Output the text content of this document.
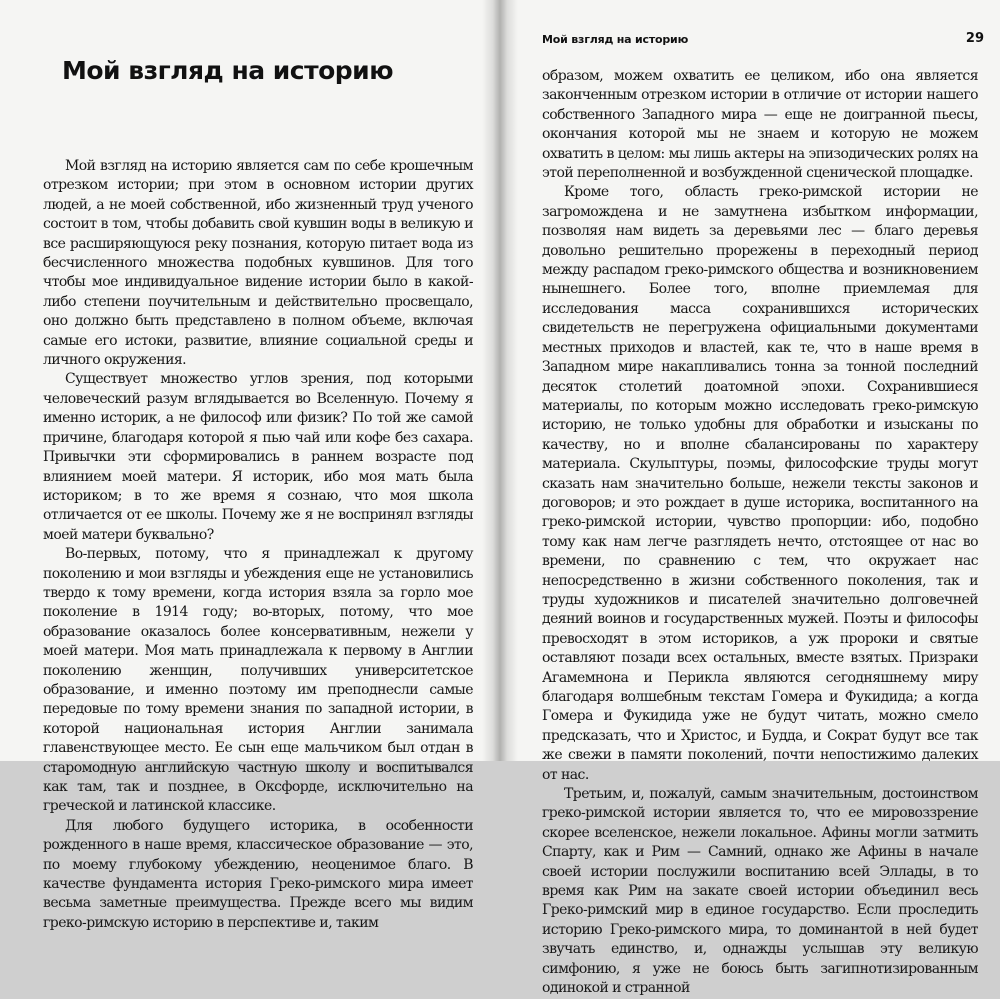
Мой взгляд на историю

Мой взгляд на историю является сам по себе крошечным отрезком истории; при этом в основном истории других людей, а не моей собственной, ибо жизненный труд ученого состоит в том, чтобы добавить свой кувшин воды в великую и все расширяющуюся реку познания, которую питает вода из бесчисленного множества подобных кувшинов. Для того чтобы мое индивидуальное видение истории было в какой-либо степени поучительным и действительно просвещало, оно должно быть представлено в полном объеме, включая самые его истоки, развитие, влияние социальной среды и личного окружения.

Существует множество углов зрения, под которыми человеческий разум вглядывается во Вселенную. Почему я именно историк, а не философ или физик? По той же самой причине, благодаря которой я пью чай или кофе без сахара. Привычки эти сформировались в раннем возрасте под влиянием моей матери. Я историк, ибо моя мать была историком; в то же время я сознаю, что моя школа отличается от ее школы. Почему же я не воспринял взгляды моей матери буквально?

Во-первых, потому, что я принадлежал к другому поколению и мои взгляды и убеждения еще не установились твердо к тому времени, когда история взяла за горло мое поколение в 1914 году; во-вторых, потому, что мое образование оказалось более консервативным, нежели у моей матери. Моя мать принадлежала к первому в Англии поколению женщин, получивших университетское образование, и именно поэтому им преподнесли самые передовые по тому времени знания по западной истории, в которой национальная история Англии занимала главенствующее место. Ее сын еще мальчиком был отдан в старомодную английскую частную школу и воспитывался как там, так и позднее, в Оксфорде, исключительно на греческой и латинской классике.

Для любого будущего историка, в особенности рожденного в наше время, классическое образование — это, по моему глубокому убеждению, неоценимое благо. В качестве фундамента история Греко-римского мира имеет весьма заметные преимущества. Прежде всего мы видим греко-римскую историю в перспективе и, таким

Мой взгляд на историю	29

образом, можем охватить ее целиком, ибо она является законченным отрезком истории в отличие от истории нашего собственного Западного мира — еще не доигранной пьесы, окончания которой мы не знаем и которую не можем охватить в целом: мы лишь актеры на эпизодических ролях на этой переполненной и возбужденной сценической площадке.

Кроме того, область греко-римской истории не загромождена и не замутнена избытком информации, позволяя нам видеть за деревьями лес — благо деревья довольно решительно прорежены в переходный период между распадом греко-римского общества и возникновением нынешнего. Более того, вполне приемлемая для исследования масса сохранившихся исторических свидетельств не перегружена официальными документами местных приходов и властей, как те, что в наше время в Западном мире накапливались тонна за тонной последний десяток столетий доатомной эпохи. Сохранившиеся материалы, по которым можно исследовать греко-римскую историю, не только удобны для обработки и изысканы по качеству, но и вполне сбалансированы по характеру материала. Скульптуры, поэмы, философские труды могут сказать нам значительно больше, нежели тексты законов и договоров; и это рождает в душе историка, воспитанного на греко-римской истории, чувство пропорции: ибо, подобно тому как нам легче разглядеть нечто, отстоящее от нас во времени, по сравнению с тем, что окружает нас непосредственно в жизни собственного поколения, так и труды художников и писателей значительно долговечней деяний воинов и государственных мужей. Поэты и философы превосходят в этом историков, а уж пророки и святые оставляют позади всех остальных, вместе взятых. Призраки Агамемнона и Перикла являются сегодняшнему миру благодаря волшебным текстам Гомера и Фукидида; а когда Гомера и Фукидида уже не будут читать, можно смело предсказать, что и Христос, и Будда, и Сократ будут все так же свежи в памяти поколений, почти непостижимо далеких от нас.

Третьим, и, пожалуй, самым значительным, достоинством греко-римской истории является то, что ее мировоззрение скорее вселенское, нежели локальное. Афины могли затмить Спарту, как и Рим — Самний, однако же Афины в начале своей истории послужили воспитанию всей Эллады, в то время как Рим на закате своей истории объединил весь Греко-римский мир в единое государство. Если проследить историю Греко-римского мира, то доминантой в ней будет звучать единство, и, однажды услышав эту великую симфонию, я уже не боюсь быть загипнотизированным одинокой и странной
